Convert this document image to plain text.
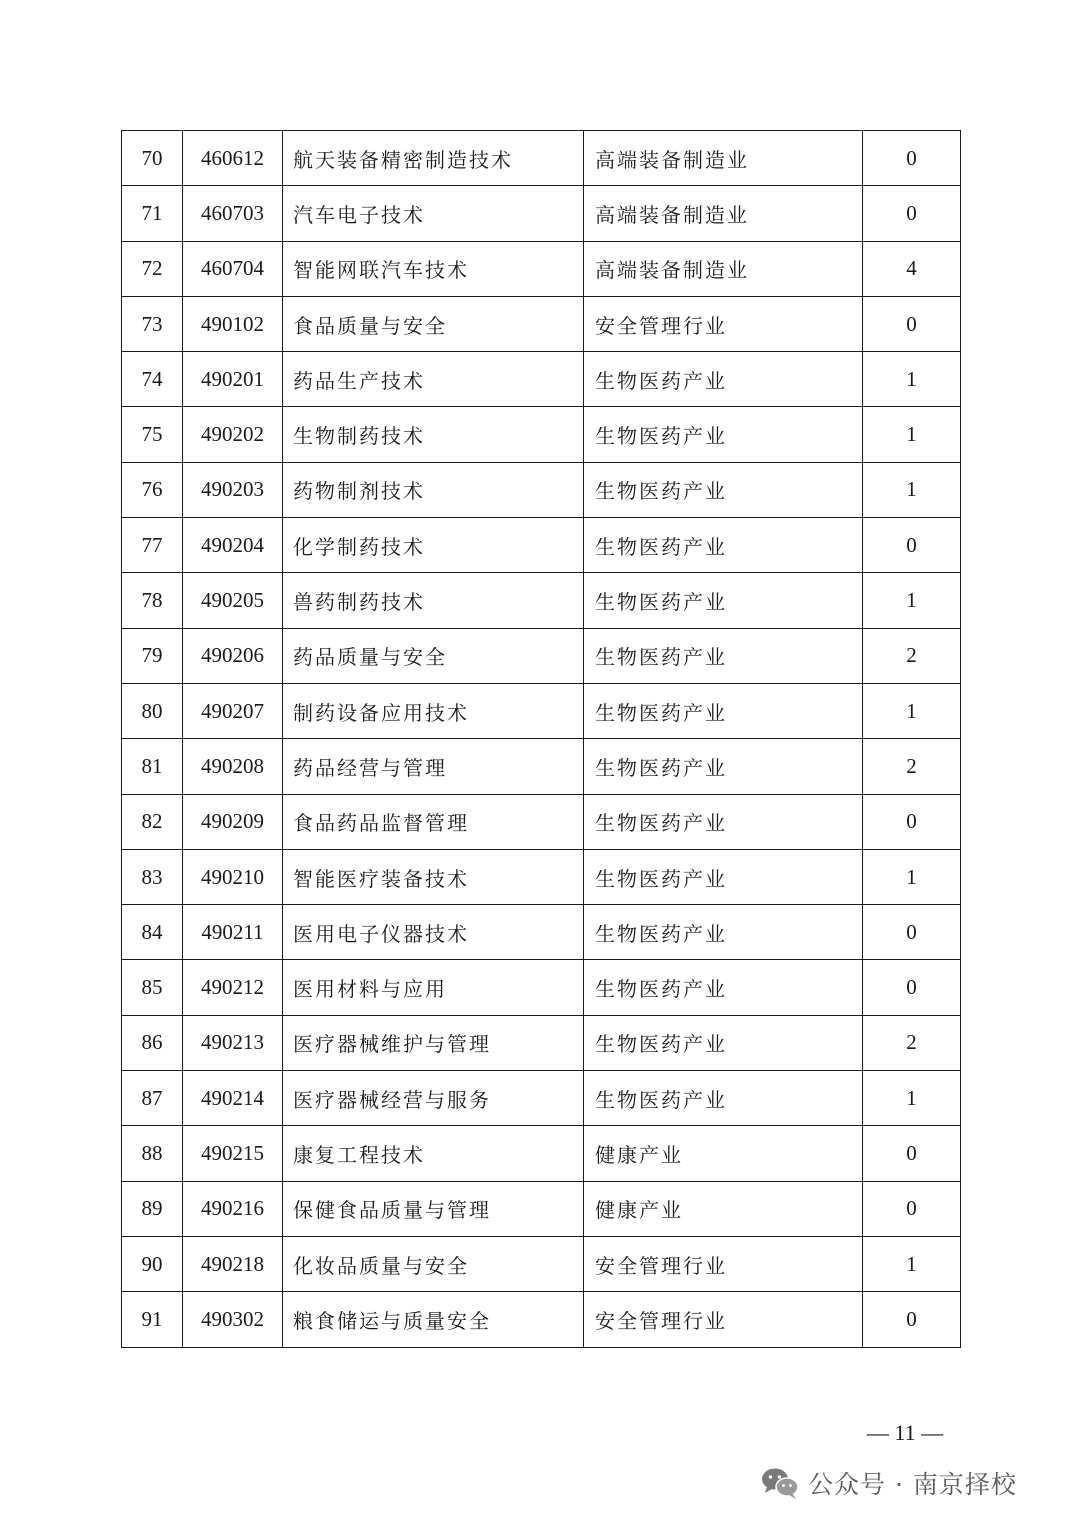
70	460612	航天装备精密制造技术	高端装备制造业	0
71	460703	汽车电子技术	高端装备制造业	0
72	460704	智能网联汽车技术	高端装备制造业	4
73	490102	食品质量与安全	安全管理行业	0
74	490201	药品生产技术	生物医药产业	1
75	490202	生物制药技术	生物医药产业	1
76	490203	药物制剂技术	生物医药产业	1
77	490204	化学制药技术	生物医药产业	0
78	490205	兽药制药技术	生物医药产业	1
79	490206	药品质量与安全	生物医药产业	2
80	490207	制药设备应用技术	生物医药产业	1
81	490208	药品经营与管理	生物医药产业	2
82	490209	食品药品监督管理	生物医药产业	0
83	490210	智能医疗装备技术	生物医药产业	1
84	490211	医用电子仪器技术	生物医药产业	0
85	490212	医用材料与应用	生物医药产业	0
86	490213	医疗器械维护与管理	生物医药产业	2
87	490214	医疗器械经营与服务	生物医药产业	1
88	490215	康复工程技术	健康产业	0
89	490216	保健食品质量与管理	健康产业	0
90	490218	化妆品质量与安全	安全管理行业	1
91	490302	粮食储运与质量安全	安全管理行业	0
— 11 —
公众号 · 南京择校
